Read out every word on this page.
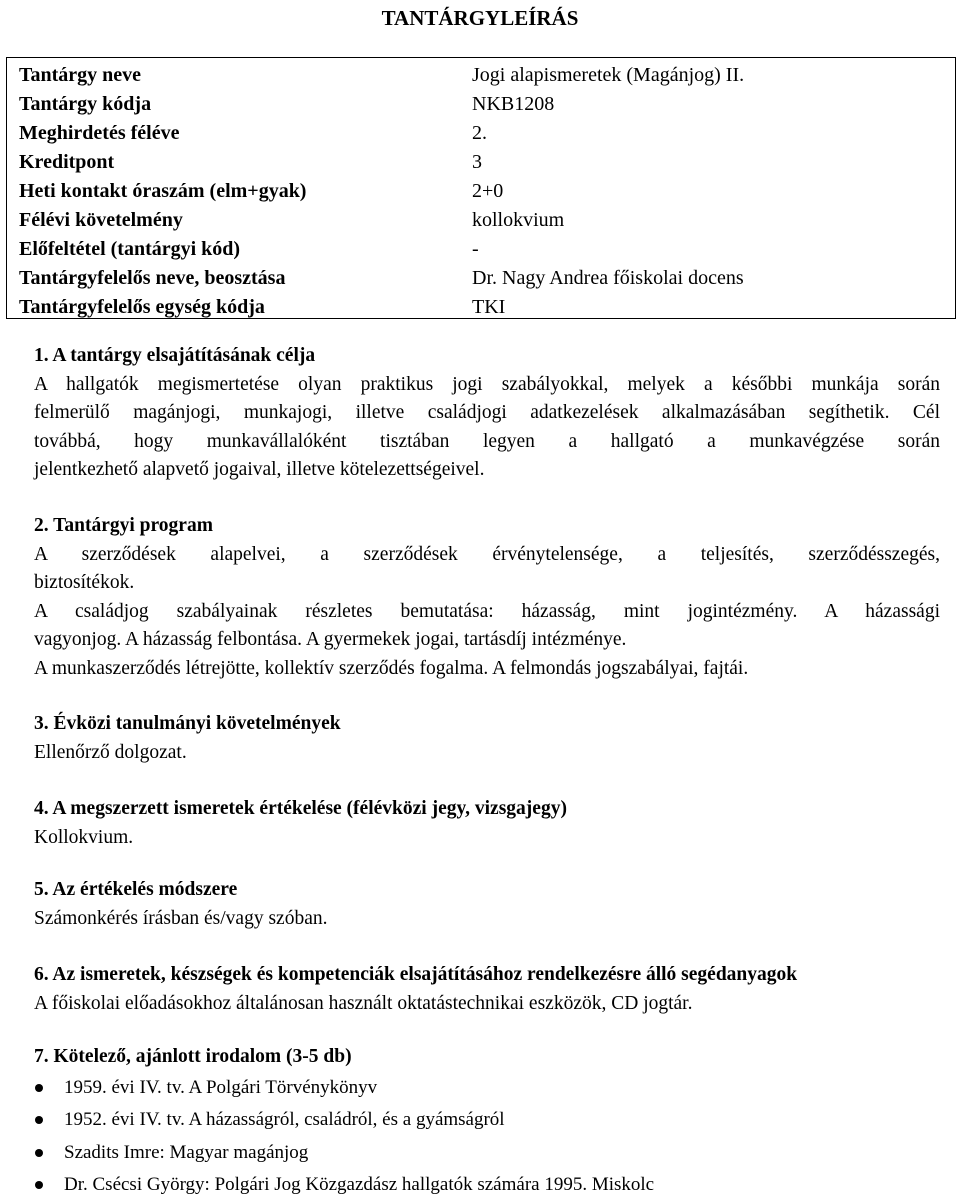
TANTÁRGYLEÍRÁS
Tantárgy neve	Jogi alapismeretek (Magánjog) II.
Tantárgy kódja	NKB1208
Meghirdetés féléve	2.
Kreditpont	3
Heti kontakt óraszám (elm+gyak)	2+0
Félévi követelmény	kollokvium
Előfeltétel (tantárgyi kód)	-
Tantárgyfelelős neve, beosztása	Dr. Nagy Andrea főiskolai docens
Tantárgyfelelős egység kódja	TKI
1. A tantárgy elsajátításának célja
A hallgatók megismertetése olyan praktikus jogi szabályokkal, melyek a későbbi munkája során
felmerülő magánjogi, munkajogi, illetve családjogi adatkezelések alkalmazásában segíthetik. Cél
továbbá, hogy munkavállalóként tisztában legyen a hallgató a munkavégzése során
jelentkezhető alapvető jogaival, illetve kötelezettségeivel.
2. Tantárgyi program
A szerződések alapelvei, a szerződések érvénytelensége, a teljesítés, szerződésszegés,
biztosítékok.
A családjog szabályainak részletes bemutatása: házasság, mint jogintézmény. A házassági
vagyonjog. A házasság felbontása. A gyermekek jogai, tartásdíj intézménye.
A munkaszerződés létrejötte, kollektív szerződés fogalma. A felmondás jogszabályai, fajtái.
3. Évközi tanulmányi követelmények
Ellenőrző dolgozat.
4. A megszerzett ismeretek értékelése (félévközi jegy, vizsgajegy)
Kollokvium.
5. Az értékelés módszere
Számonkérés írásban és/vagy szóban.
6. Az ismeretek, készségek és kompetenciák elsajátításához rendelkezésre álló segédanyagok
A főiskolai előadásokhoz általánosan használt oktatástechnikai eszközök, CD jogtár.
7. Kötelező, ajánlott irodalom (3-5 db)
1959. évi IV. tv. A Polgári Törvénykönyv
1952. évi IV. tv. A házasságról, családról, és a gyámságról
Szadits Imre: Magyar magánjog
Dr. Csécsi György: Polgári Jog Közgazdász hallgatók számára 1995. Miskolc
